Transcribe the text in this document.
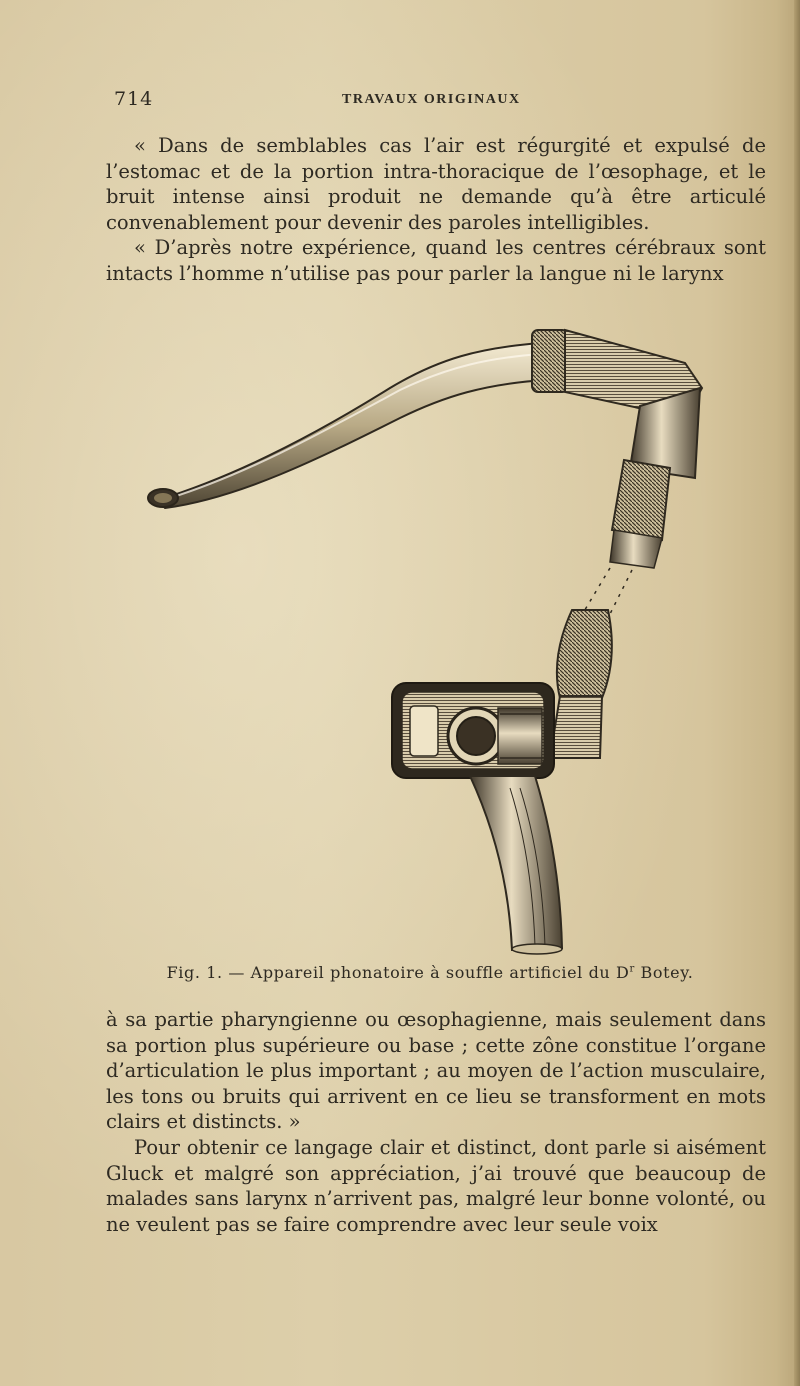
714	TRAVAUX ORIGINAUX

« Dans de semblables cas l’air est régurgité et expulsé de l’estomac et de la portion intra-thoracique de l’œsophage, et le bruit intense ainsi produit ne demande qu’à être articulé convenablement pour devenir des paroles intelligibles.

« D’après notre expérience, quand les centres cérébraux sont intacts l’homme n’utilise pas pour parler la langue ni le larynx

Fig. 1. — Appareil phonatoire à soufﬂe artiﬁciel du $D^r$ Botey.

à sa partie pharyngienne ou œsophagienne, mais seulement dans sa portion plus supérieure ou base ; cette zône constitue l’organe d’articulation le plus important ; au moyen de l’action musculaire, les tons ou bruits qui arrivent en ce lieu se transforment en mots clairs et distincts. »

Pour obtenir ce langage clair et distinct, dont parle si aisément Gluck et malgré son appréciation, j’ai trouvé que beaucoup de malades sans larynx n’arrivent pas, malgré leur bonne volonté, ou ne veulent pas se faire comprendre avec leur seule voix
